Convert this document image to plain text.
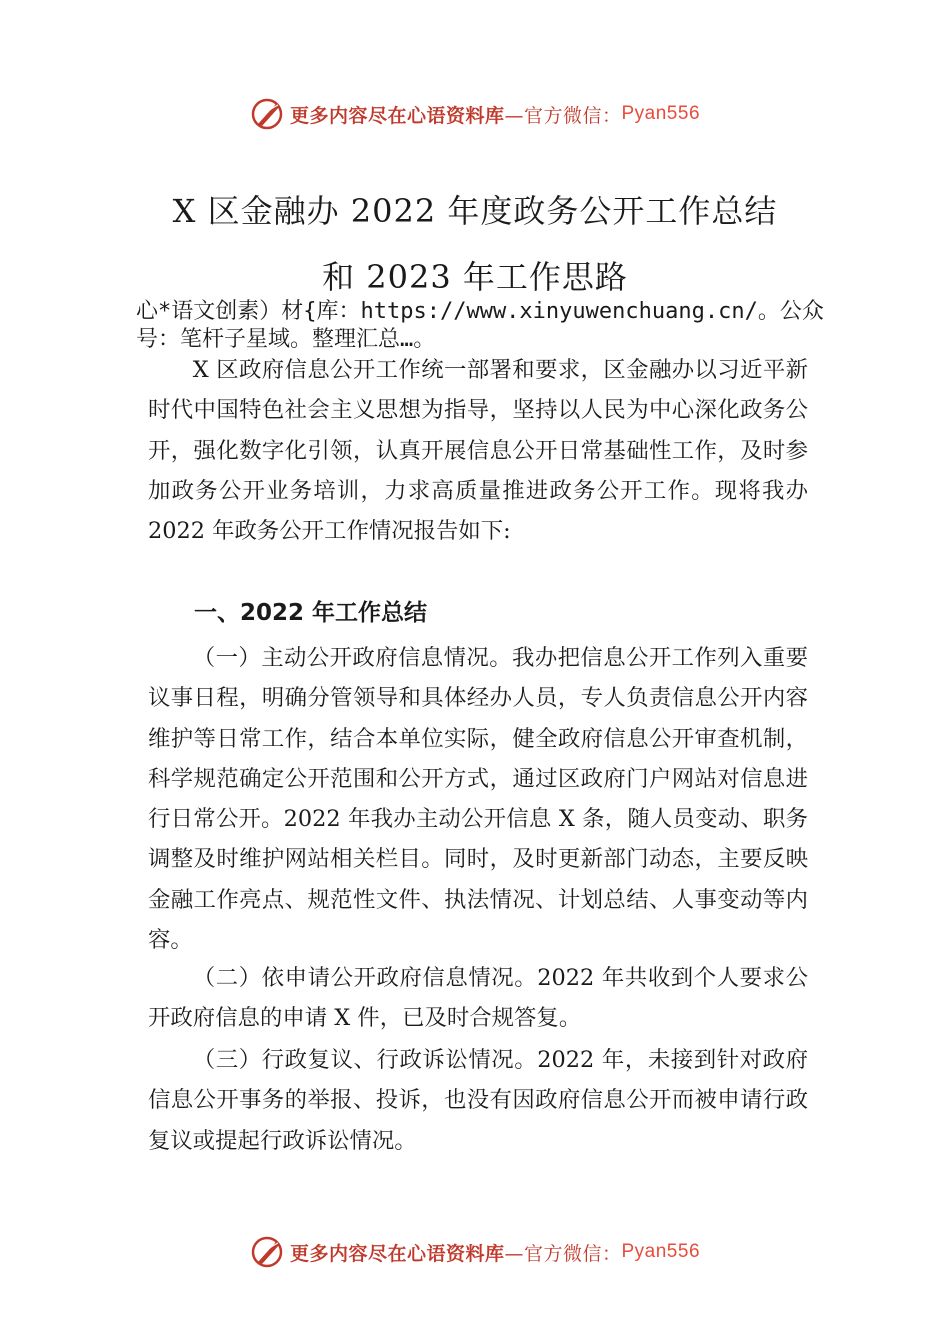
更多内容尽在心语资料库 —官方微信： Pyan556
X 区金融办 2022 年度政务公开工作总结
和 2023 年工作思路

心*语文创素）材{库：https://www.xinyuwenchuang.cn/。公众号：笔杆子星域。整理汇总…。

X 区政府信息公开工作统一部署和要求，区金融办以习近平新时代中国特色社会主义思想为指导，坚持以人民为中心深化政务公开，强化数字化引领，认真开展信息公开日常基础性工作，及时参加政务公开业务培训，力求高质量推进政务公开工作。现将我办 2022 年政务公开工作情况报告如下:

一、2022 年工作总结

（一）主动公开政府信息情况。我办把信息公开工作列入重要议事日程，明确分管领导和具体经办人员，专人负责信息公开内容维护等日常工作，结合本单位实际，健全政府信息公开审查机制，科学规范确定公开范围和公开方式，通过区政府门户网站对信息进行日常公开。2022 年我办主动公开信息 X 条，随人员变动、职务调整及时维护网站相关栏目。同时，及时更新部门动态，主要反映金融工作亮点、规范性文件、执法情况、计划总结、人事变动等内容。

（二）依申请公开政府信息情况。2022 年共收到个人要求公开政府信息的申请 X 件，已及时合规答复。

（三）行政复议、行政诉讼情况。2022 年，未接到针对政府信息公开事务的举报、投诉，也没有因政府信息公开而被申请行政复议或提起行政诉讼情况。

更多内容尽在心语资料库 —官方微信： Pyan556
